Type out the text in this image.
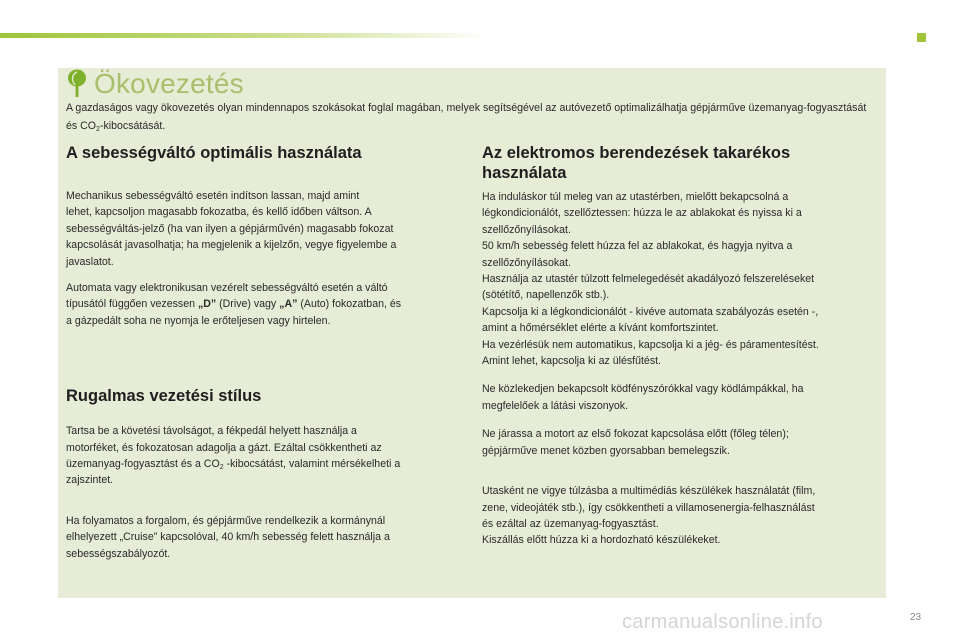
Ökovezetés
A gazdaságos vagy ökovezetés olyan mindennapos szokásokat foglal magában, melyek segítségével az autóvezető optimalizálhatja gépjárműve üzemanyag-fogyasztását és $CO_2$-kibocsátását.
A sebességváltó optimális használata

Mechanikus sebességváltó esetén indítson lassan, majd amint
lehet, kapcsoljon magasabb fokozatba, és kellő időben váltson. A
sebességváltás-jelző (ha van ilyen a gépjárművén) magasabb fokozat
kapcsolását javasolhatja; ha megjelenik a kijelzőn, vegye figyelembe a
javaslatot.

Automata vagy elektronikusan vezérelt sebességváltó esetén a váltó
típusától függően vezessen „D” (Drive) vagy „A” (Auto) fokozatban, és
a gázpedált soha ne nyomja le erőteljesen vagy hirtelen.

Rugalmas vezetési stílus

Tartsa be a követési távolságot, a fékpedál helyett használja a
motorféket, és fokozatosan adagolja a gázt. Ezáltal csökkentheti az
üzemanyag-fogyasztást és a $CO_2$ -kibocsátást, valamint mérsékelheti a
zajszintet.

Ha folyamatos a forgalom, és gépjárműve rendelkezik a kormánynál
elhelyezett „Cruise” kapcsolóval, 40 km/h sebesség felett használja a
sebességszabályozót.

Az elektromos berendezések takarékos
használata

Ha induláskor túl meleg van az utastérben, mielőtt bekapcsolná a
légkondicionálót, szellőztessen: húzza le az ablakokat és nyissa ki a
szellőzőnyílásokat.
50 km/h sebesség felett húzza fel az ablakokat, és hagyja nyitva a
szellőzőnyílásokat.
Használja az utastér túlzott felmelegedését akadályozó felszereléseket
(sötétítő, napellenzők stb.).
Kapcsolja ki a légkondicionálót - kivéve automata szabályozás esetén -,
amint a hőmérséklet elérte a kívánt komfortszintet.
Ha vezérlésük nem automatikus, kapcsolja ki a jég- és páramentesítést.
Amint lehet, kapcsolja ki az ülésfűtést.

Ne közlekedjen bekapcsolt ködfényszórókkal vagy ködlámpákkal, ha
megfelelőek a látási viszonyok.

Ne járassa a motort az első fokozat kapcsolása előtt (főleg télen);
gépjárműve menet közben gyorsabban bemelegszik.

Utasként ne vigye túlzásba a multimédiás készülékek használatát (film,
zene, videojáték stb.), így csökkentheti a villamosenergia-felhasználást
és ezáltal az üzemanyag-fogyasztást.
Kiszállás előtt húzza ki a hordozható készülékeket.

carmanualsonline.info	23
